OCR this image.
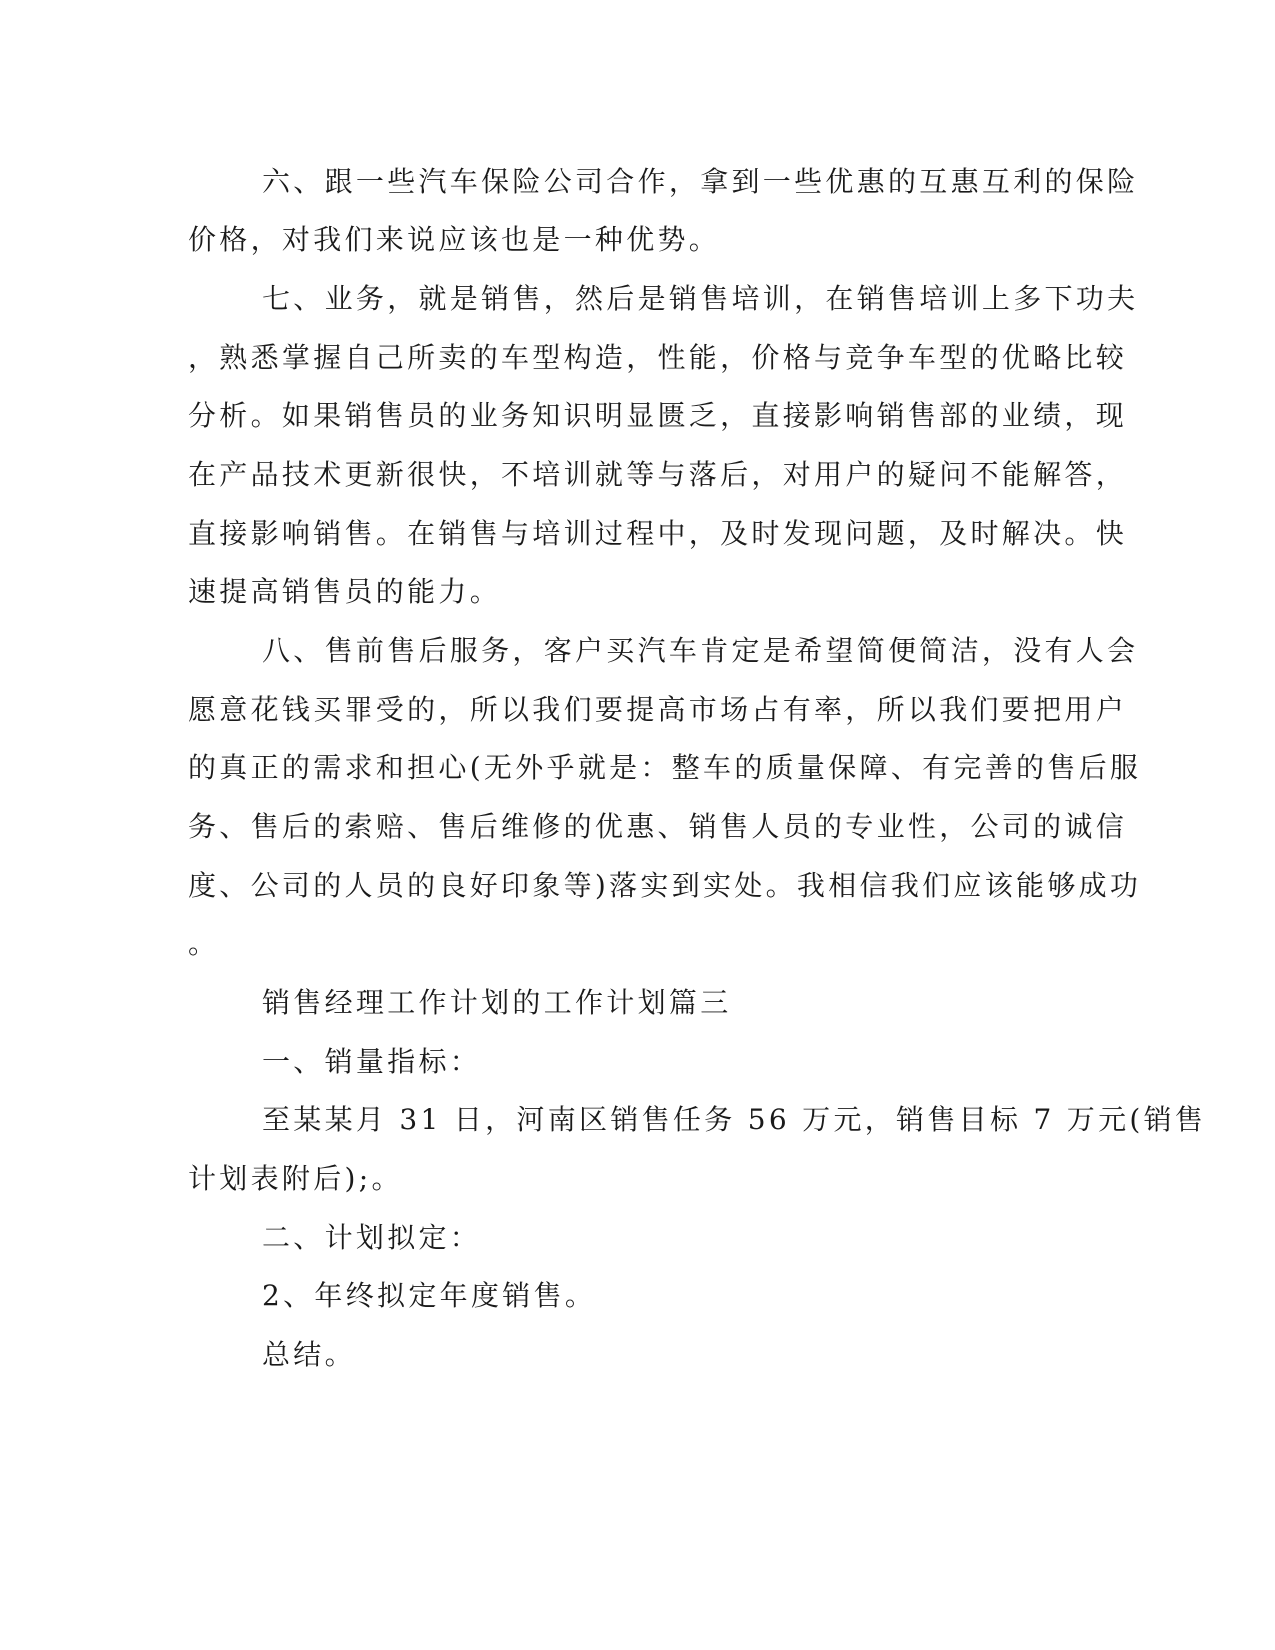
六、跟一些汽车保险公司合作，拿到一些优惠的互惠互利的保险
价格，对我们来说应该也是一种优势。
七、业务，就是销售，然后是销售培训，在销售培训上多下功夫
，熟悉掌握自己所卖的车型构造，性能，价格与竞争车型的优略比较
分析。如果销售员的业务知识明显匮乏，直接影响销售部的业绩，现
在产品技术更新很快，不培训就等与落后，对用户的疑问不能解答，
直接影响销售。在销售与培训过程中，及时发现问题，及时解决。快
速提高销售员的能力。
八、售前售后服务，客户买汽车肯定是希望简便简洁，没有人会
愿意花钱买罪受的，所以我们要提高市场占有率，所以我们要把用户
的真正的需求和担心(无外乎就是：整车的质量保障、有完善的售后服
务、售后的索赔、售后维修的优惠、销售人员的专业性，公司的诚信
度、公司的人员的良好印象等)落实到实处。我相信我们应该能够成功
。
销售经理工作计划的工作计划篇三
一、销量指标：
至某某月 31 日，河南区销售任务 56 万元，销售目标 7 万元(销售
计划表附后);。
二、计划拟定：
2、年终拟定年度销售。
总结。
